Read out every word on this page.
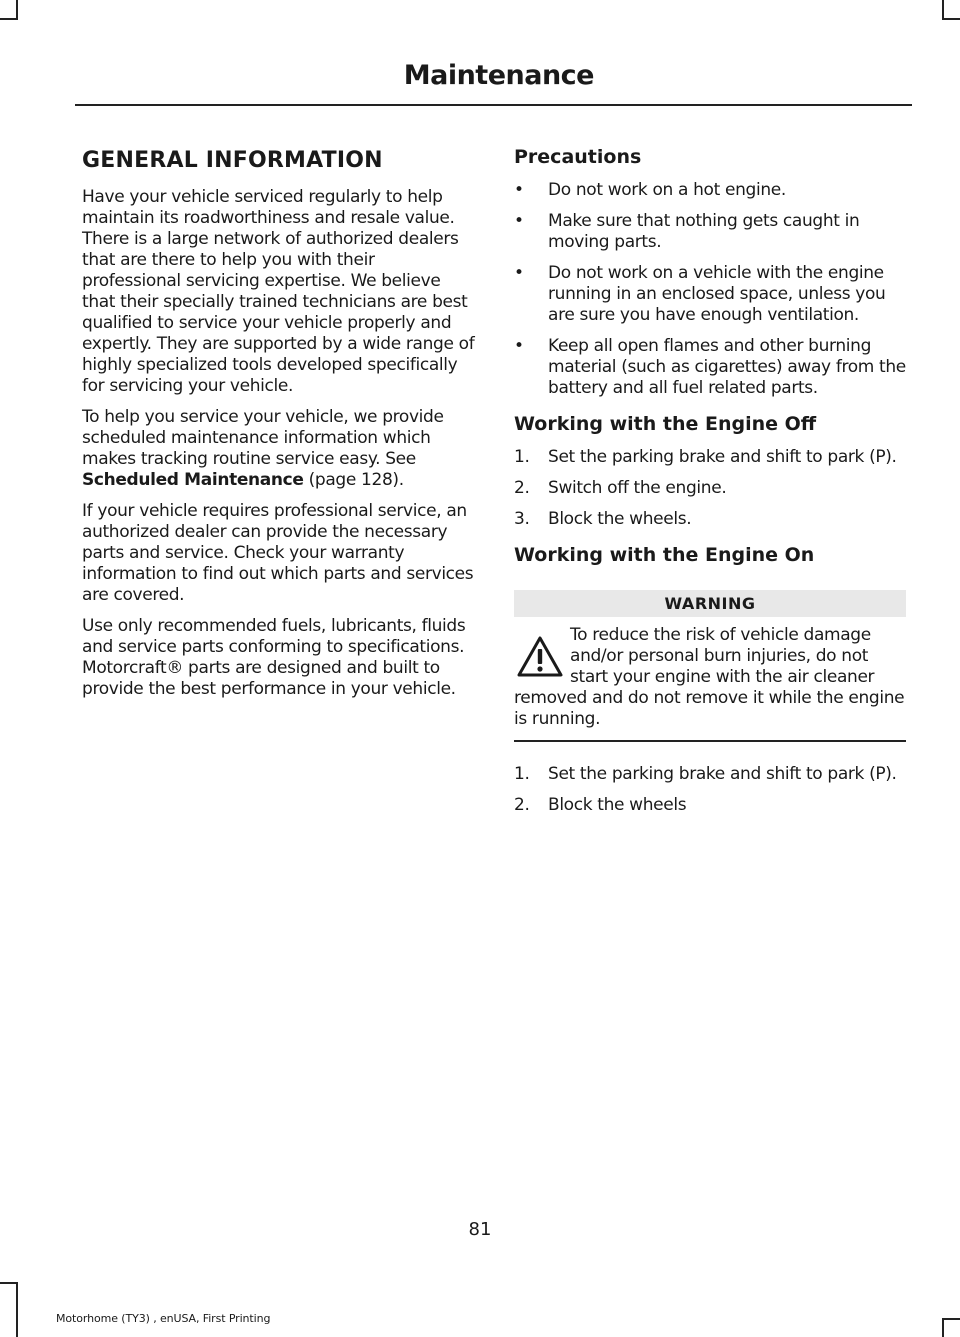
Maintenance
GENERAL INFORMATION

Have your vehicle serviced regularly to help maintain its roadworthiness and resale value. There is a large network of authorized dealers that are there to help you with their professional servicing expertise. We believe that their specially trained technicians are best qualified to service your vehicle properly and expertly. They are supported by a wide range of highly specialized tools developed specifically for servicing your vehicle.

To help you service your vehicle, we provide scheduled maintenance information which makes tracking routine service easy. See Scheduled Maintenance (page 128).

If your vehicle requires professional service, an authorized dealer can provide the necessary parts and service. Check your warranty information to find out which parts and services are covered.

Use only recommended fuels, lubricants, fluids and service parts conforming to specifications. Motorcraft® parts are designed and built to provide the best performance in your vehicle.

Precautions
• Do not work on a hot engine.
• Make sure that nothing gets caught in moving parts.
• Do not work on a vehicle with the engine running in an enclosed space, unless you are sure you have enough ventilation.
• Keep all open flames and other burning material (such as cigarettes) away from the battery and all fuel related parts.
Working with the Engine Off
1. Set the parking brake and shift to park (P).
2. Switch off the engine.
3. Block the wheels.
Working with the Engine On
WARNING

To reduce the risk of vehicle damage and/or personal burn injuries, do not start your engine with the air cleaner removed and do not remove it while the engine is running.

1. Set the parking brake and shift to park (P).
2. Block the wheels
81
Motorhome (TY3) , enUSA, First Printing
